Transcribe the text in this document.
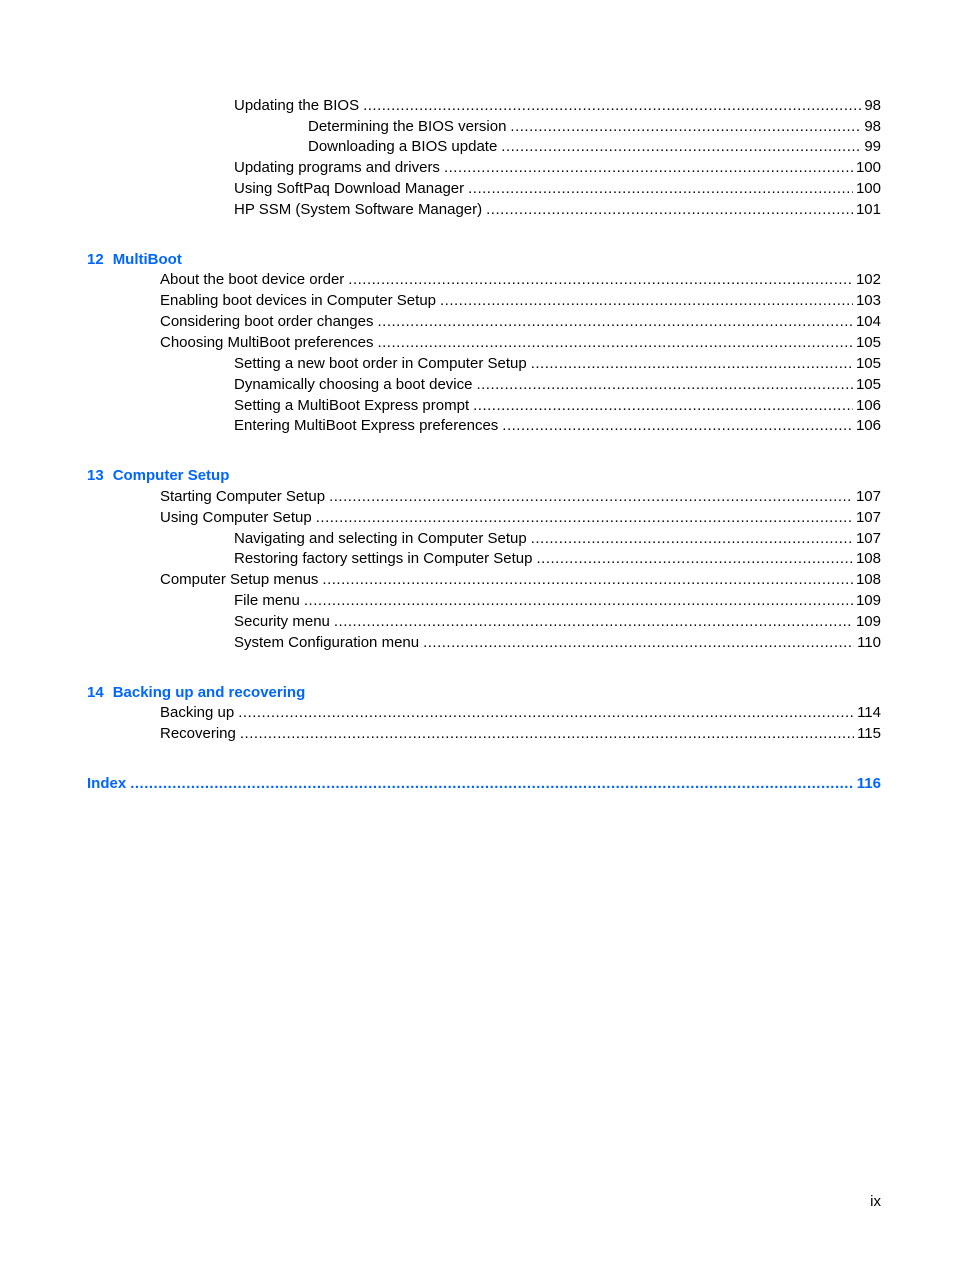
Updating the BIOS .....	98
Determining the BIOS version .....	98
Downloading a BIOS update .....	99
Updating programs and drivers .....	100
Using SoftPaq Download Manager .....	100
HP SSM (System Software Manager) .....	101
12 MultiBoot
About the boot device order .....	102
Enabling boot devices in Computer Setup .....	103
Considering boot order changes .....	104
Choosing MultiBoot preferences .....	105
Setting a new boot order in Computer Setup .....	105
Dynamically choosing a boot device .....	105
Setting a MultiBoot Express prompt .....	106
Entering MultiBoot Express preferences .....	106
13 Computer Setup
Starting Computer Setup .....	107
Using Computer Setup .....	107
Navigating and selecting in Computer Setup .....	107
Restoring factory settings in Computer Setup .....	108
Computer Setup menus .....	108
File menu .....	109
Security menu .....	109
System Configuration menu .....	110
14 Backing up and recovering
Backing up .....	114
Recovering .....	115
Index .....	116
ix
